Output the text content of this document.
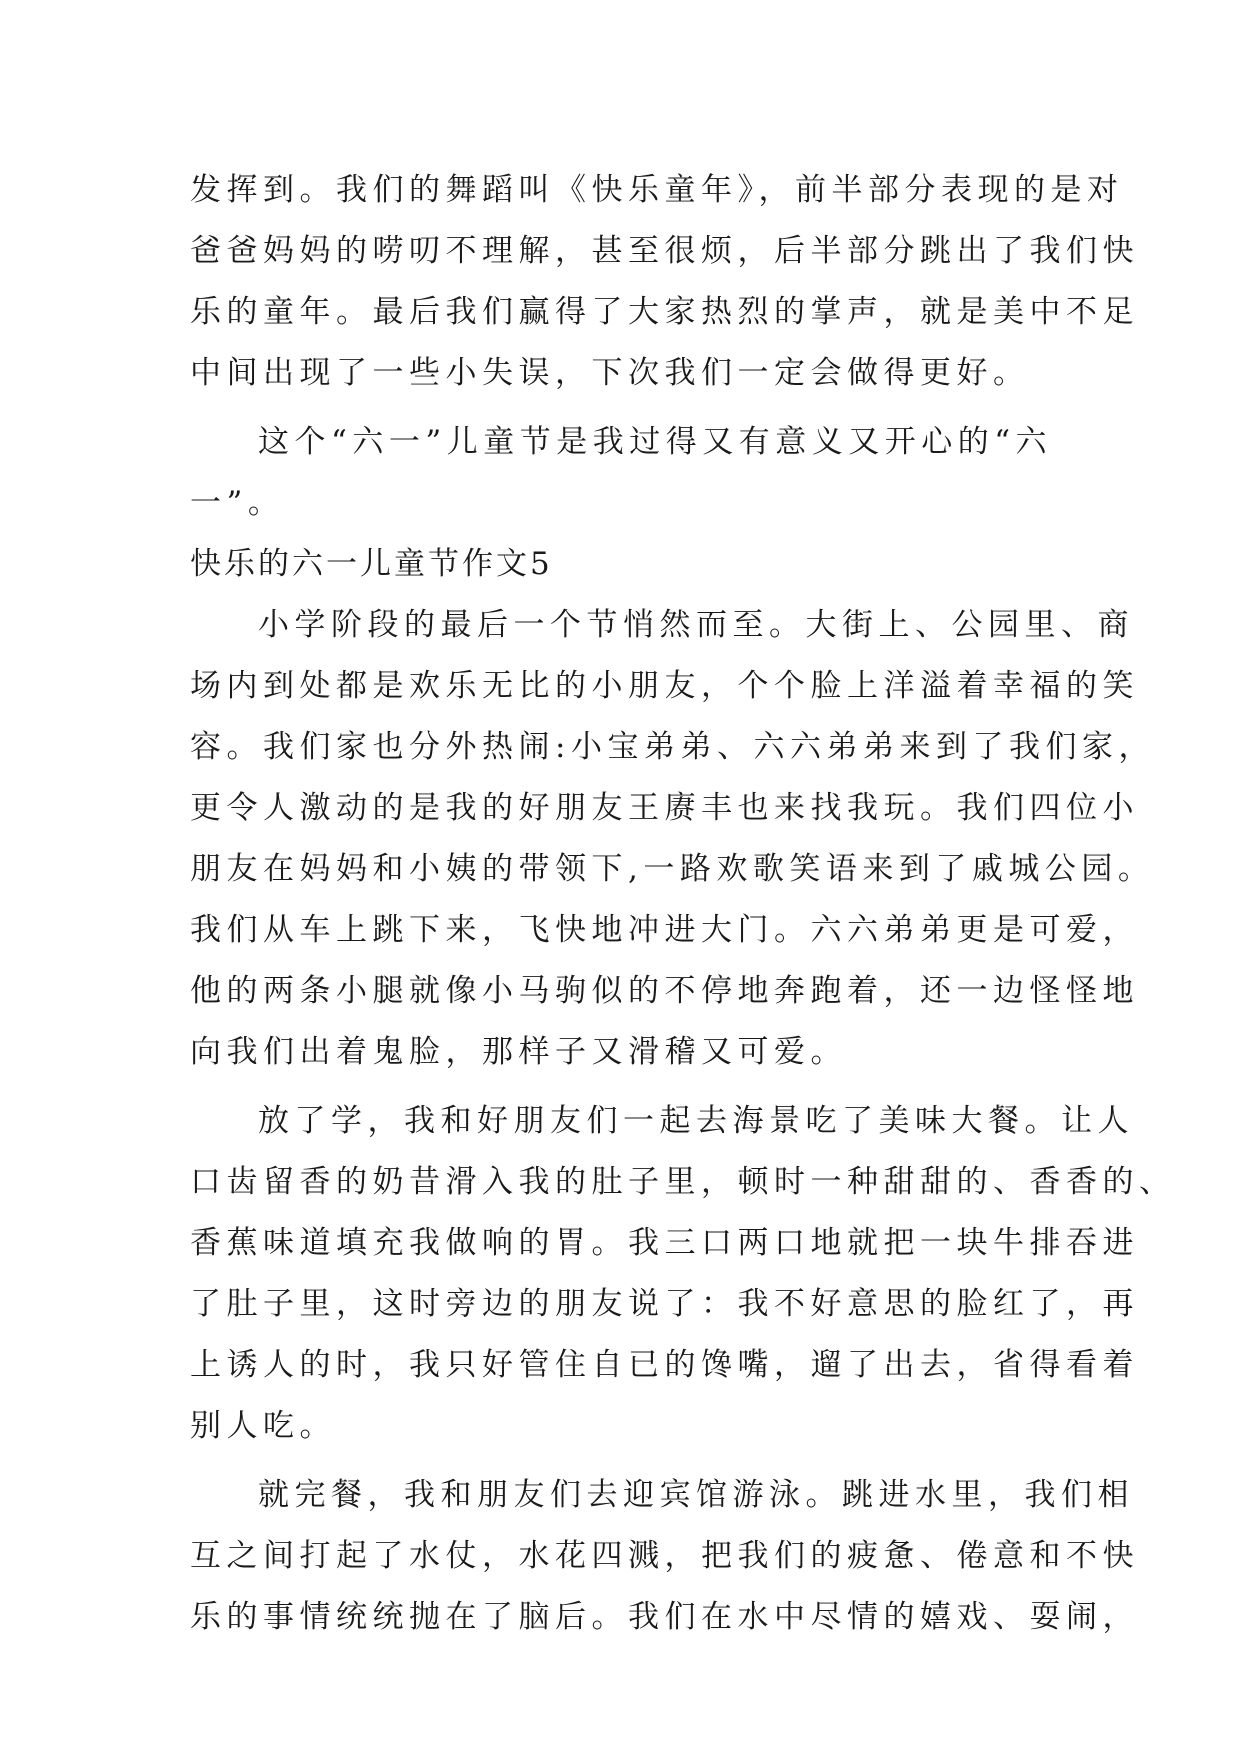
发挥到。我们的舞蹈叫《快乐童年》，前半部分表现的是对
爸爸妈妈的唠叨不理解，甚至很烦，后半部分跳出了我们快
乐的童年。最后我们赢得了大家热烈的掌声，就是美中不足
中间出现了一些小失误，下次我们一定会做得更好。
这个“六一”儿童节是我过得又有意义又开心的“六
一”。
快乐的六一儿童节作文5
小学阶段的最后一个节悄然而至。大街上、公园里、商
场内到处都是欢乐无比的小朋友，个个脸上洋溢着幸福的笑
容。我们家也分外热闹:小宝弟弟、六六弟弟来到了我们家，
更令人激动的是我的好朋友王赓丰也来找我玩。我们四位小
朋友在妈妈和小姨的带领下,一路欢歌笑语来到了戚城公园。
我们从车上跳下来，飞快地冲进大门。六六弟弟更是可爱，
他的两条小腿就像小马驹似的不停地奔跑着，还一边怪怪地
向我们出着鬼脸，那样子又滑稽又可爱。
放了学，我和好朋友们一起去海景吃了美味大餐。让人
口齿留香的奶昔滑入我的肚子里，顿时一种甜甜的、香香的、
香蕉味道填充我做响的胃。我三口两口地就把一块牛排吞进
了肚子里，这时旁边的朋友说了：我不好意思的脸红了，再
上诱人的时，我只好管住自已的馋嘴，遛了出去，省得看着
别人吃。
就完餐，我和朋友们去迎宾馆游泳。跳进水里，我们相
互之间打起了水仗，水花四溅，把我们的疲惫、倦意和不快
乐的事情统统抛在了脑后。我们在水中尽情的嬉戏、耍闹，
